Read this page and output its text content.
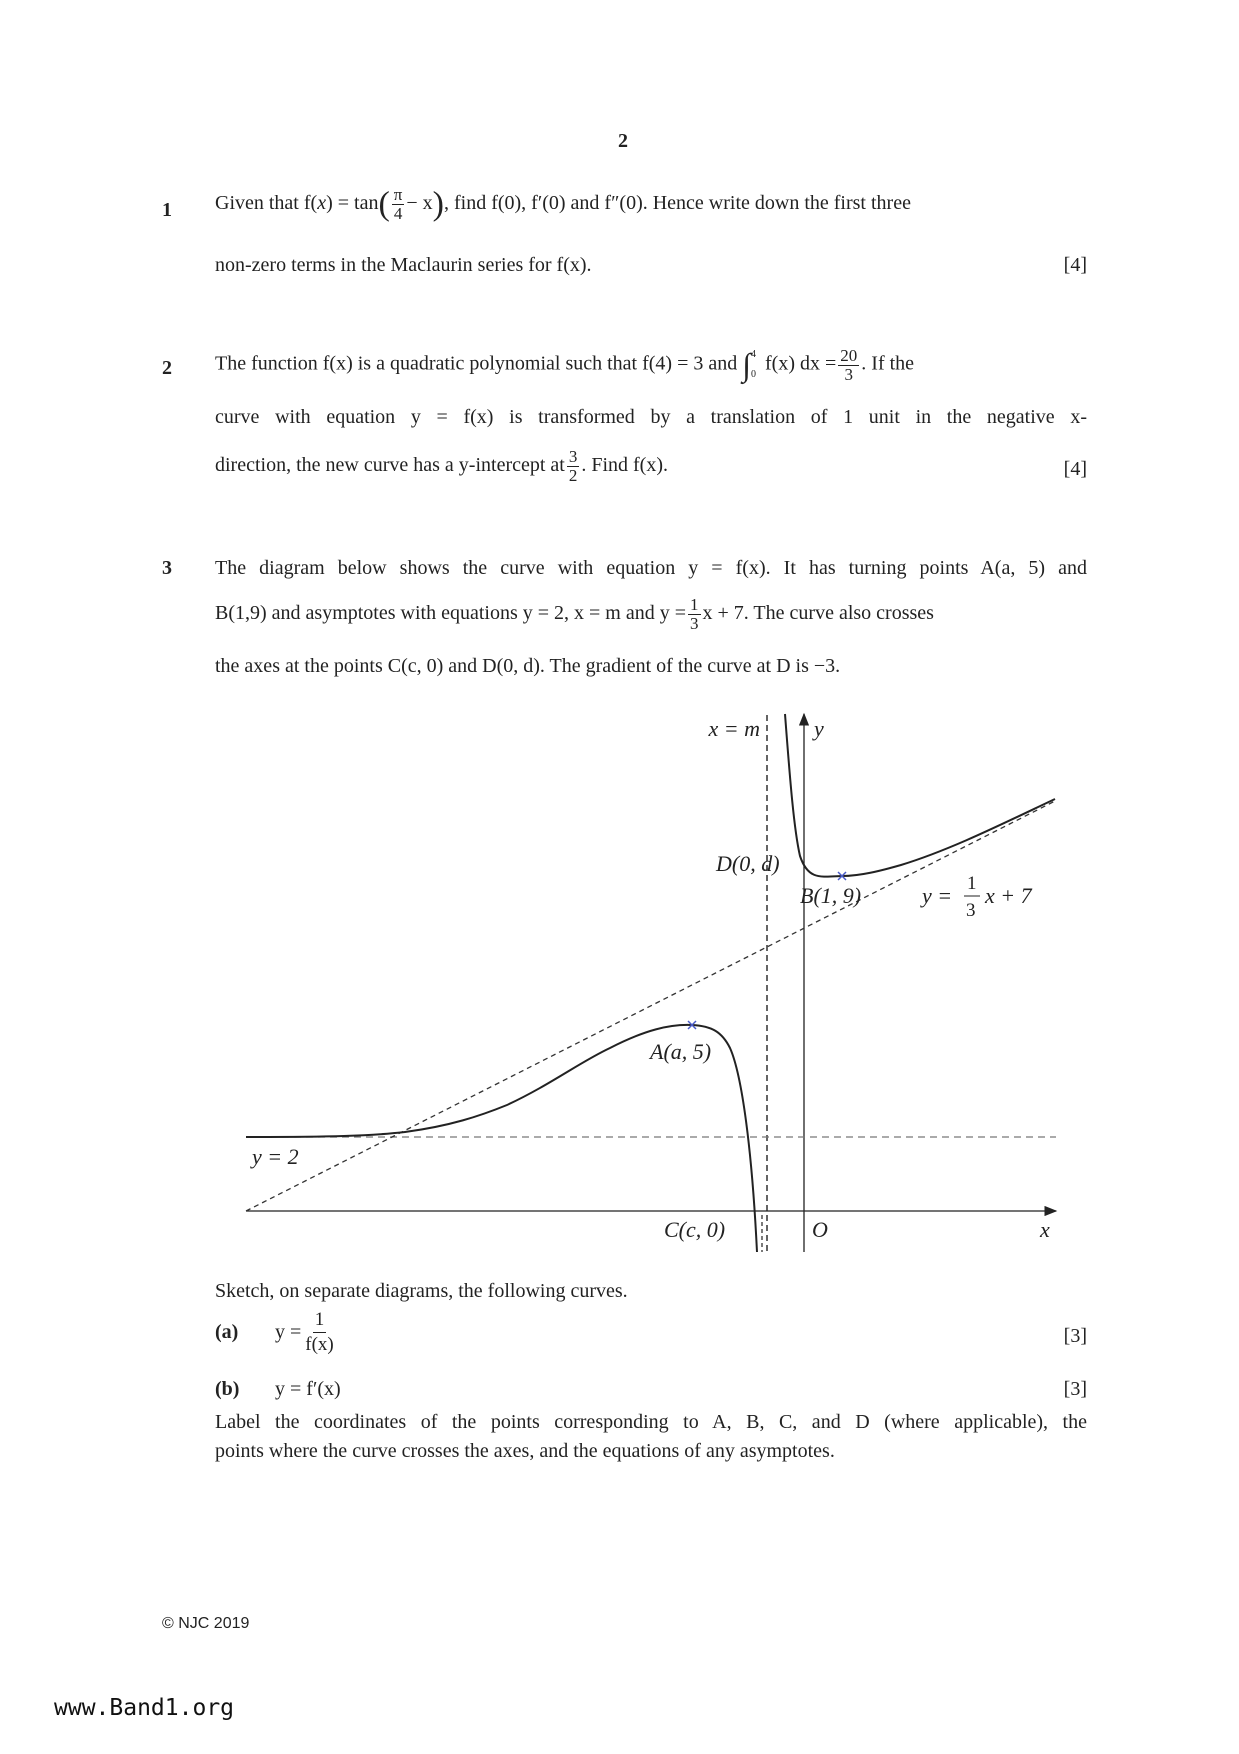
2
1 Given that $f(x) = \tan( \frac{\pi}{4} - x)$, find f(0), f′(0) and f″(0). Hence write down the first three
non-zero terms in the Maclaurin series for f(x).	[4]
2 The function f(x) is a quadratic polynomial such that f(4) = 3 and ∫ 4
0 f(x) dx = $\frac{20}{3}$ . If the
curve with equation y = f(x) is transformed by a translation of 1 unit in the negative x-
direction, the new curve has a y-intercept at $\frac{3}{2}$ . Find f(x).	[4]
3 The diagram below shows the curve with equation y = f(x). It has turning points A(a, 5) and
B(1,9) and asymptotes with equations y = 2, x = m and $y = \frac{1}{3}$ x + 7. The curve also crosses
the axes at the points C(c, 0) and D(0, d). The gradient of the curve at D is −3.
x = m y
D(0, d)
B(1, 9)	y = 1
3
x + 7
A(a, 5)
y = 2
C(c, 0)	O	x
Sketch, on separate diagrams, the following curves.
(a)	$y = \frac{1}{f(x)}$	[3]
(b) y = f′(x)	[3]
Label the coordinates of the points corresponding to A, B, C, and D (where applicable), the
points where the curve crosses the axes, and the equations of any asymptotes.
© NJC 2019
www.Band1.org
